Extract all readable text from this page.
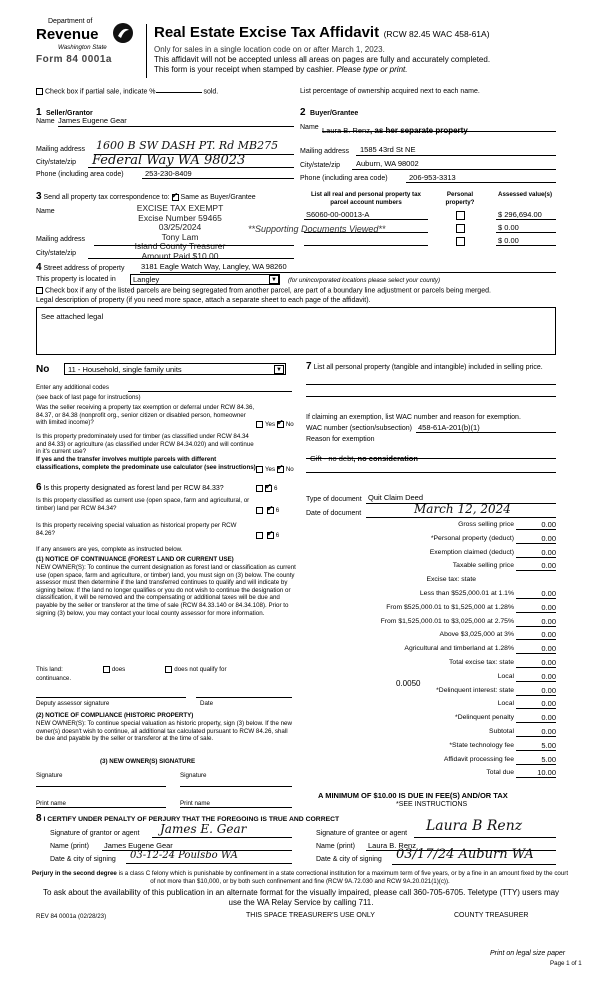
Department of
Revenue
Washington State
Form 84 0001a
Real Estate Excise Tax Affidavit (RCW 82.45 WAC 458-61A)
Only for sales in a single location code on or after March 1, 2023.
This affidavit will not be accepted unless all areas on pages are fully and accurately completed.
This form is your receipt when stamped by cashier. Please type or print.
Check box if partial sale, indicate %	sold.	List percentage of ownership acquired next to each name.
1 Seller/Grantor
Name James Eugene Gear
Mailing address 1600 B SW DASH PT. Rd MB275
City/state/zip Federal Way WA 98023
Phone (including area code)	253-230-8409
2 Buyer/Grantee
Name Laura B. Renz, as her separate property
Mailing address 1585 43rd St NE
City/state/zip Auburn, WA 98002
Phone (including area code)	206-953-3313
3 Send all property tax correspondence to: ✔ Same as Buyer/Grantee
Name	EXCISE TAX EXEMPT
Excise Number 59465
03/25/2024
Tony Lam
Island County Treasurer
Amount Paid $10.00
**Supporting Documents Viewed**
Mailing address
City/state/zip
List all real and personal property tax parcel account numbers
Personal property?
Assessed value(s)
S6060-00-00013-A	$ 296,694.00
$ 0.00
$ 0.00
4 Street address of property 3181 Eagle Watch Way, Langley, WA 98260
This property is located in Langley	▼	(for unincorporated locations please select your county)
Check box if any of the listed parcels are being segregated from another parcel, are part of a boundary line adjustment or parcels being merged.
Legal description of property (if you need more space, attach a separate sheet to each page of the affidavit).
See attached legal
No 11 - Household, single family units	▼
Enter any additional codes
(see back of last page for instructions)
Was the seller receiving a property tax exemption or deferral under RCW 84.36, 84.37, or 84.38 (nonprofit org., senior citizen or disabled person, homeowner with limited income)?	Yes ✔ No
Is this property predominately used for timber (as classified under RCW 84.34 and 84.33) or agriculture (as classified under RCW 84.34.020) and will continue in it's current use?
If yes and the transfer involves multiple parcels with different classifications, complete the predominate use calculator (see instructions)	Yes ✔ No
6 Is this property designated as forest land per RCW 84.33? ✔	6
Is this property classified as current use (open space, farm and agricultural, or timber) land per RCW 84.34? ✔	6
Is this property receiving special valuation as historical property per RCW 84.26? ✔	6
If any answers are yes, complete as instructed below.
(1) NOTICE OF CONTINUANCE (FOREST LAND OR CURRENT USE)
NEW OWNER(S): To continue the current designation as forest land or classification as current use (open space, farm and agriculture, or timber) land, you must sign on (3) below. The county assessor must then determine if the land transferred continues to qualify and will indicate by signing below. If the land no longer qualifies or you do not wish to continue the designation or classification, it will be removed and the compensating or additional taxes will be due and payable by the seller or transferor at the time of sale (RCW 84.33.140 or 84.34.108). Prior to signing (3) below, you may contact your local county assessor for more information.
This land:	does	does not qualify for
continuance.
Deputy assessor signature	Date
(2) NOTICE OF COMPLIANCE (HISTORIC PROPERTY)
NEW OWNER(S): To continue special valuation as historic property, sign (3) below. If the new owner(s) doesn't wish to continue, all additional tax calculated pursuant to RCW 84.26, shall be due and payable by the seller or transferor at the time of sale.
(3) NEW OWNER(S) SIGNATURE
Signature	Signature
Print name	Print name
7 List all personal property (tangible and intangible) included in selling price.
If claiming an exemption, list WAC number and reason for exemption.
WAC number (section/subsection) 458-61A-201(b)(1)
Reason for exemption
Gift - no debt, no consideration
Type of document Quit Claim Deed
Date of document	March 12, 2024
Gross selling price	0.00
*Personal property (deduct)	0.00
Exemption claimed (deduct)	0.00
Taxable selling price	0.00
Excise tax: state
Less than $525,000.01 at 1.1%	0.00
From $525,000.01 to $1,525,000 at 1.28%	0.00
From $1,525,000.01 to $3,025,000 at 2.75%	0.00
Above $3,025,000 at 3%	0.00
Agricultural and timberland at 1.28%	0.00
Total excise tax: state	0.00
Local	0.00
*Delinquent interest: state	0.00
Local	0.00
*Delinquent penalty	0.00
Subtotal	0.00
*State technology fee	5.00
Affidavit processing fee	5.00
Total due	10.00
0.0050
A MINIMUM OF $10.00 IS DUE IN FEE(S) AND/OR TAX
*SEE INSTRUCTIONS
8 I CERTIFY UNDER PENALTY OF PERJURY THAT THE FOREGOING IS TRUE AND CORRECT
Signature of grantor or agent James E. Gear
Name (print) James Eugene Gear
Date & city of signing 03-12-24 Poulsbo WA
Signature of grantee or agent Laura B Renz
Name (print) Laura B. Renz
Date & city of signing 03/17/24 Auburn WA
Perjury in the second degree is a class C felony which is punishable by confinement in a state correctional institution for a maximum term of five years, or by a fine in an amount fixed by the court of not more than $10,000, or by both such confinement and fine (RCW 9A.72.030 and RCW 9A.20.021(1)(c)).
To ask about the availability of this publication in an alternate format for the visually impaired, please call 360-705-6705. Teletype (TTY) users may use the WA Relay Service by calling 711.
REV 84 0001a (02/28/23)	THIS SPACE TREASURER'S USE ONLY	COUNTY TREASURER
Print on legal size paper
Page 1 of 1
